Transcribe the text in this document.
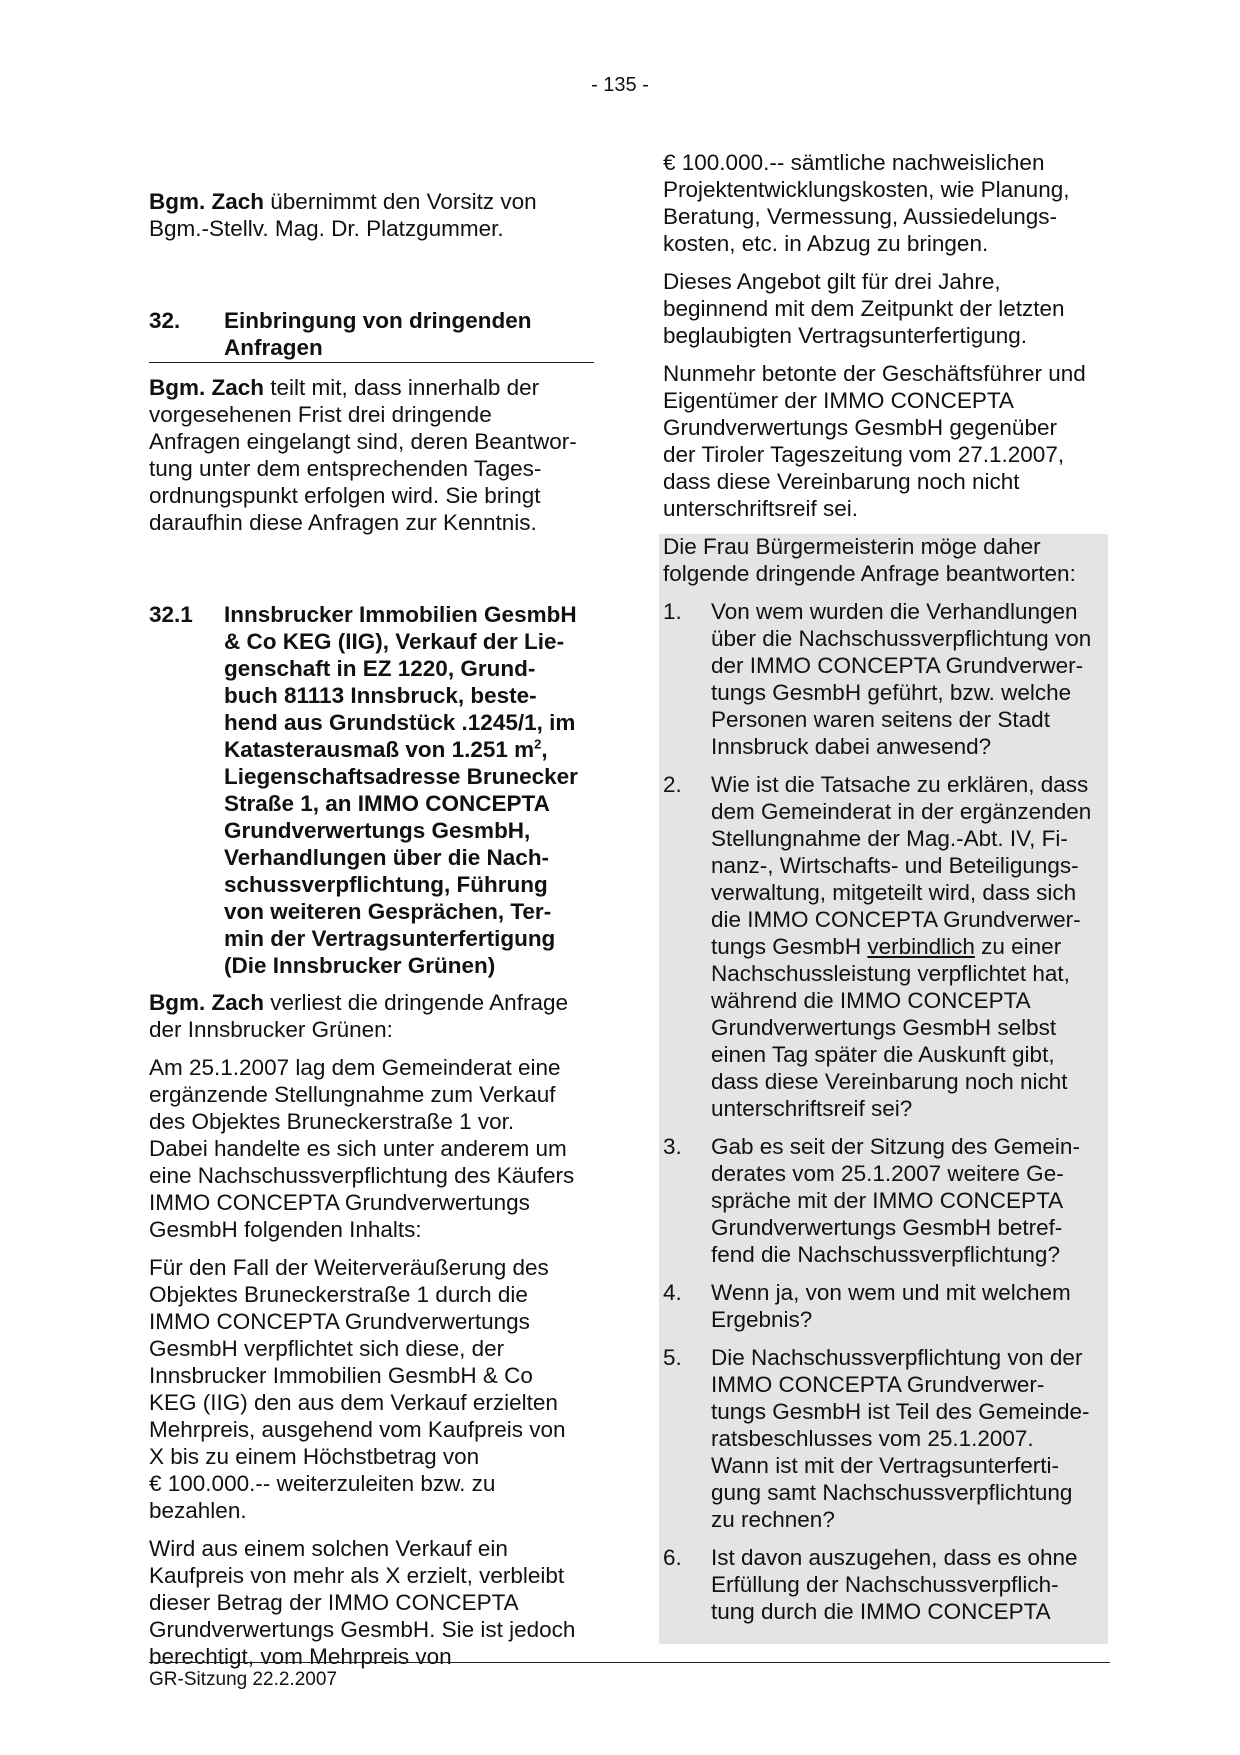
- 135 -

Bgm. Zach übernimmt den Vorsitz von
Bgm.-Stellv. Mag. Dr. Platzgummer.

32.	Einbringung von dringenden
Anfragen

Bgm. Zach teilt mit, dass innerhalb der
vorgesehenen Frist drei dringende
Anfragen eingelangt sind, deren Beantwor-
tung unter dem entsprechenden Tages-
ordnungspunkt erfolgen wird. Sie bringt
daraufhin diese Anfragen zur Kenntnis.

32.1	Innsbrucker Immobilien GesmbH
& Co KEG (IIG), Verkauf der Lie-
genschaft in EZ 1220, Grund-
buch 81113 Innsbruck, beste-
hend aus Grundstück .1245/1, im
Katasterausmaß von 1.251 $m^2$,
Liegenschaftsadresse Brunecker
Straße 1, an IMMO CONCEPTA
Grundverwertungs GesmbH,
Verhandlungen über die Nach-
schussverpflichtung, Führung
von weiteren Gesprächen, Ter-
min der Vertragsunterfertigung
(Die Innsbrucker Grünen)

Bgm. Zach verliest die dringende Anfrage
der Innsbrucker Grünen:

Am 25.1.2007 lag dem Gemeinderat eine
ergänzende Stellungnahme zum Verkauf
des Objektes Bruneckerstraße 1 vor.
Dabei handelte es sich unter anderem um
eine Nachschussverpflichtung des Käufers
IMMO CONCEPTA Grundverwertungs
GesmbH folgenden Inhalts:

Für den Fall der Weiterveräußerung des
Objektes Bruneckerstraße 1 durch die
IMMO CONCEPTA Grundverwertungs
GesmbH verpflichtet sich diese, der
Innsbrucker Immobilien GesmbH & Co
KEG (IIG) den aus dem Verkauf erzielten
Mehrpreis, ausgehend vom Kaufpreis von
X bis zu einem Höchstbetrag von
€ 100.000.-- weiterzuleiten bzw. zu
bezahlen.

Wird aus einem solchen Verkauf ein
Kaufpreis von mehr als X erzielt, verbleibt
dieser Betrag der IMMO CONCEPTA
Grundverwertungs GesmbH. Sie ist jedoch
berechtigt, vom Mehrpreis von

€ 100.000.-- sämtliche nachweislichen
Projektentwicklungskosten, wie Planung,
Beratung, Vermessung, Aussiedelungs-
kosten, etc. in Abzug zu bringen.

Dieses Angebot gilt für drei Jahre,
beginnend mit dem Zeitpunkt der letzten
beglaubigten Vertragsunterfertigung.

Nunmehr betonte der Geschäftsführer und
Eigentümer der IMMO CONCEPTA
Grundverwertungs GesmbH gegenüber
der Tiroler Tageszeitung vom 27.1.2007,
dass diese Vereinbarung noch nicht
unterschriftsreif sei.

Die Frau Bürgermeisterin möge daher
folgende dringende Anfrage beantworten:

1.	Von wem wurden die Verhandlungen
über die Nachschussverpflichtung von
der IMMO CONCEPTA Grundverwer-
tungs GesmbH geführt, bzw. welche
Personen waren seitens der Stadt
Innsbruck dabei anwesend?
2.	Wie ist die Tatsache zu erklären, dass
dem Gemeinderat in der ergänzenden
Stellungnahme der Mag.-Abt. IV, Fi-
nanz-, Wirtschafts- und Beteiligungs-
verwaltung, mitgeteilt wird, dass sich
die IMMO CONCEPTA Grundverwer-
tungs GesmbH verbindlich zu einer
Nachschussleistung verpflichtet hat,
während die IMMO CONCEPTA
Grundverwertungs GesmbH selbst
einen Tag später die Auskunft gibt,
dass diese Vereinbarung noch nicht
unterschriftsreif sei?
3.	Gab es seit der Sitzung des Gemein-
derates vom 25.1.2007 weitere Ge-
spräche mit der IMMO CONCEPTA
Grundverwertungs GesmbH betref-
fend die Nachschussverpflichtung?
4.	Wenn ja, von wem und mit welchem
Ergebnis?
5.	Die Nachschussverpflichtung von der
IMMO CONCEPTA Grundverwer-
tungs GesmbH ist Teil des Gemeinde-
ratsbeschlusses vom 25.1.2007.
Wann ist mit der Vertragsunterferti-
gung samt Nachschussverpflichtung
zu rechnen?
6.	Ist davon auszugehen, dass es ohne
Erfüllung der Nachschussverpflich-
tung durch die IMMO CONCEPTA
GR-Sitzung 22.2.2007
